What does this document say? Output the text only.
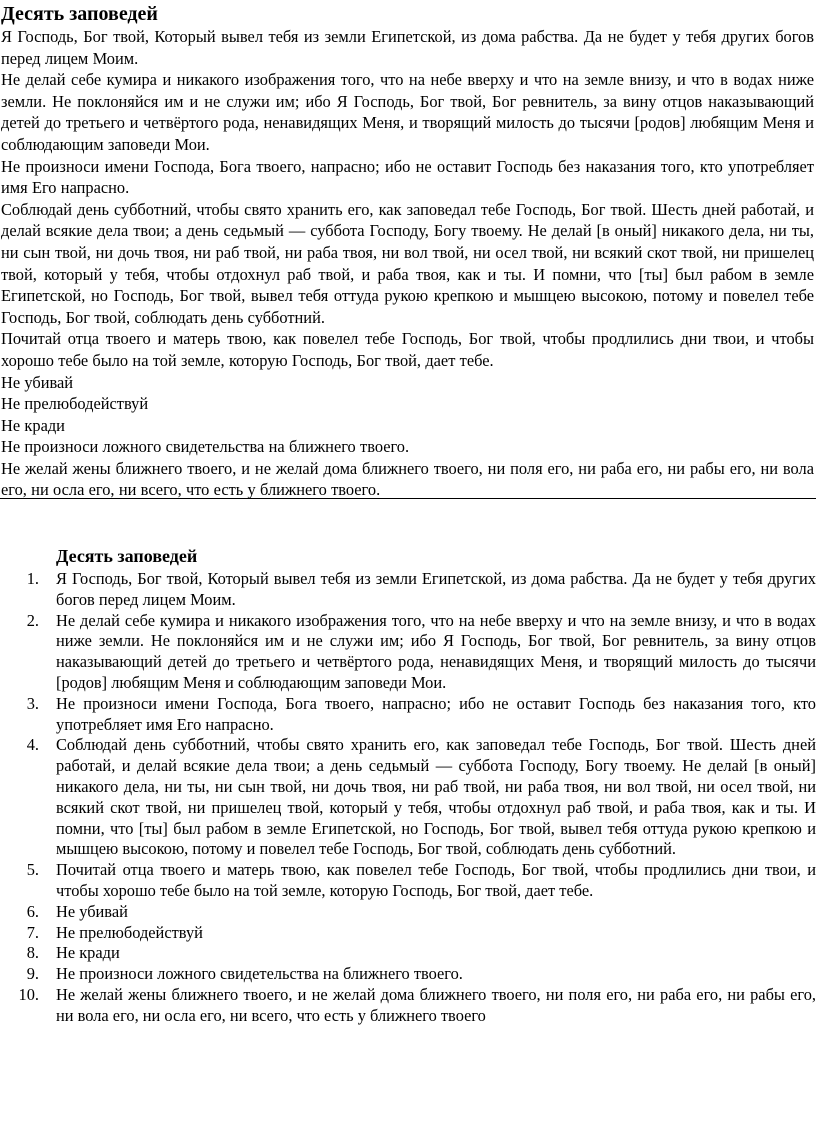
Десять заповедей

Я Господь, Бог твой, Который вывел тебя из земли Египетской, из дома рабства. Да не будет у тебя других богов перед лицем Моим.

Не делай себе кумира и никакого изображения того, что на небе вверху и что на земле внизу, и что в водах ниже земли. Не поклоняйся им и не служи им; ибо Я Господь, Бог твой, Бог ревнитель, за вину отцов наказывающий детей до третьего и четвёртого рода, ненавидящих Меня, и творящий милость до тысячи [родов] любящим Меня и соблюдающим заповеди Мои.

Не произноси имени Господа, Бога твоего, напрасно; ибо не оставит Господь без наказания того, кто употребляет имя Его напрасно.

Соблюдай день субботний, чтобы свято хранить его, как заповедал тебе Господь, Бог твой. Шесть дней работай, и делай всякие дела твои; а день седьмый — суббота Господу, Богу твоему. Не делай [в оный] никакого дела, ни ты, ни сын твой, ни дочь твоя, ни раб твой, ни раба твоя, ни вол твой, ни осел твой, ни всякий скот твой, ни пришелец твой, который у тебя, чтобы отдохнул раб твой, и раба твоя, как и ты. И помни, что [ты] был рабом в земле Египетской, но Господь, Бог твой, вывел тебя оттуда рукою крепкою и мышцею высокою, потому и повелел тебе Господь, Бог твой, соблюдать день субботний.

Почитай отца твоего и матерь твою, как повелел тебе Господь, Бог твой, чтобы продлились дни твои, и чтобы хорошо тебе было на той земле, которую Господь, Бог твой, дает тебе.

Не убивай

Не прелюбодействуй

Не кради

Не произноси ложного свидетельства на ближнего твоего.

Не желай жены ближнего твоего, и не желай дома ближнего твоего, ни поля его, ни раба его, ни рабы его, ни вола его, ни осла его, ни всего, что есть у ближнего твоего.

Десять заповедей
1. Я Господь, Бог твой, Который вывел тебя из земли Египетской, из дома рабства. Да не будет у тебя других богов перед лицем Моим.
2. Не делай себе кумира и никакого изображения того, что на небе вверху и что на земле внизу, и что в водах ниже земли. Не поклоняйся им и не служи им; ибо Я Господь, Бог твой, Бог ревнитель, за вину отцов наказывающий детей до третьего и четвёртого рода, ненавидящих Меня, и творящий милость до тысячи [родов] любящим Меня и соблюдающим заповеди Мои.
3. Не произноси имени Господа, Бога твоего, напрасно; ибо не оставит Господь без наказания того, кто употребляет имя Его напрасно.
4. Соблюдай день субботний, чтобы свято хранить его, как заповедал тебе Господь, Бог твой. Шесть дней работай, и делай всякие дела твои; а день седьмый — суббота Господу, Богу твоему. Не делай [в оный] никакого дела, ни ты, ни сын твой, ни дочь твоя, ни раб твой, ни раба твоя, ни вол твой, ни осел твой, ни всякий скот твой, ни пришелец твой, который у тебя, чтобы отдохнул раб твой, и раба твоя, как и ты. И помни, что [ты] был рабом в земле Египетской, но Господь, Бог твой, вывел тебя оттуда рукою крепкою и мышцею высокою, потому и повелел тебе Господь, Бог твой, соблюдать день субботний.
5. Почитай отца твоего и матерь твою, как повелел тебе Господь, Бог твой, чтобы продлились дни твои, и чтобы хорошо тебе было на той земле, которую Господь, Бог твой, дает тебе.
6. Не убивай
7. Не прелюбодействуй
8. Не кради
9. Не произноси ложного свидетельства на ближнего твоего.
10. Не желай жены ближнего твоего, и не желай дома ближнего твоего, ни поля его, ни раба его, ни рабы его, ни вола его, ни осла его, ни всего, что есть у ближнего твоего
